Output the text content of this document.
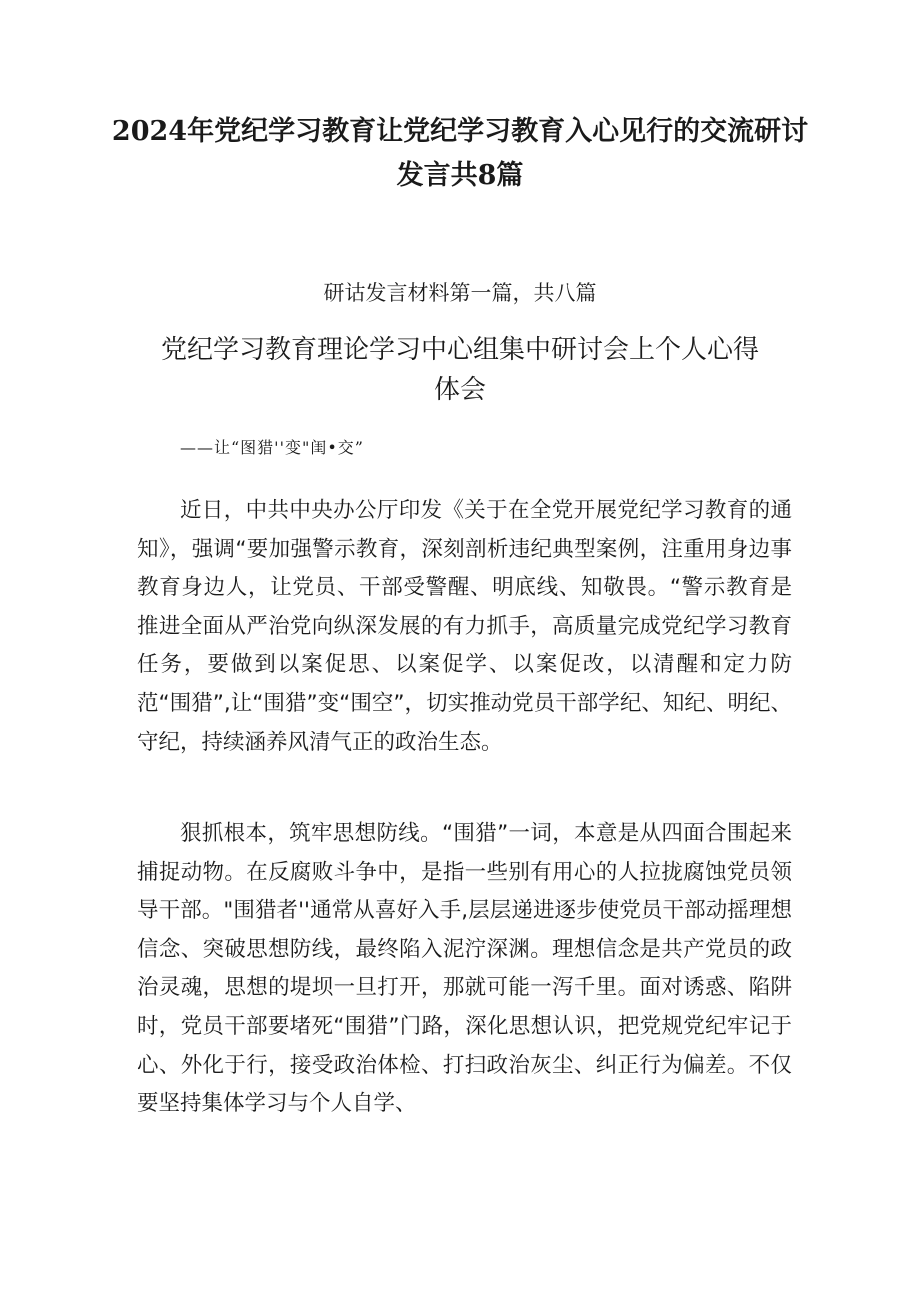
2024年党纪学习教育让党纪学习教育入心见行的交流研讨发言共8篇

研诂发言材料第一篇，共八篇

党纪学习教育理论学习中心组集中研讨会上个人心得体会

——让“图猎''变"闺•交”

近日，中共中央办公厅印发《关于在全党开展党纪学习教育的通知》，强调“要加强警示教育，深刻剖析违纪典型案例，注重用身边事教育身边人，让党员、干部受警醒、明底线、知敬畏。“警示教育是推进全面从严治党向纵深发展的有力抓手，高质量完成党纪学习教育任务，要做到以案促思、以案促学、以案促改，以清醒和定力防范“围猎”,让“围猎”变“围空”，切实推动党员干部学纪、知纪、明纪、守纪，持续涵养风清气正的政治生态。

狠抓根本，筑牢思想防线。“围猎”一词，本意是从四面合围起来捕捉动物。在反腐败斗争中，是指一些别有用心的人拉拢腐蚀党员领导干部。"围猎者''通常从喜好入手,层层递进逐步使党员干部动摇理想信念、突破思想防线，最终陷入泥泞深渊。理想信念是共产党员的政治灵魂，思想的堤坝一旦打开，那就可能一泻千里。面对诱惑、陷阱时，党员干部要堵死“围猎”门路，深化思想认识，把党规党纪牢记于心、外化于行，接受政治体检、打扫政治灰尘、纠正行为偏差。不仅要坚持集体学习与个人自学、
